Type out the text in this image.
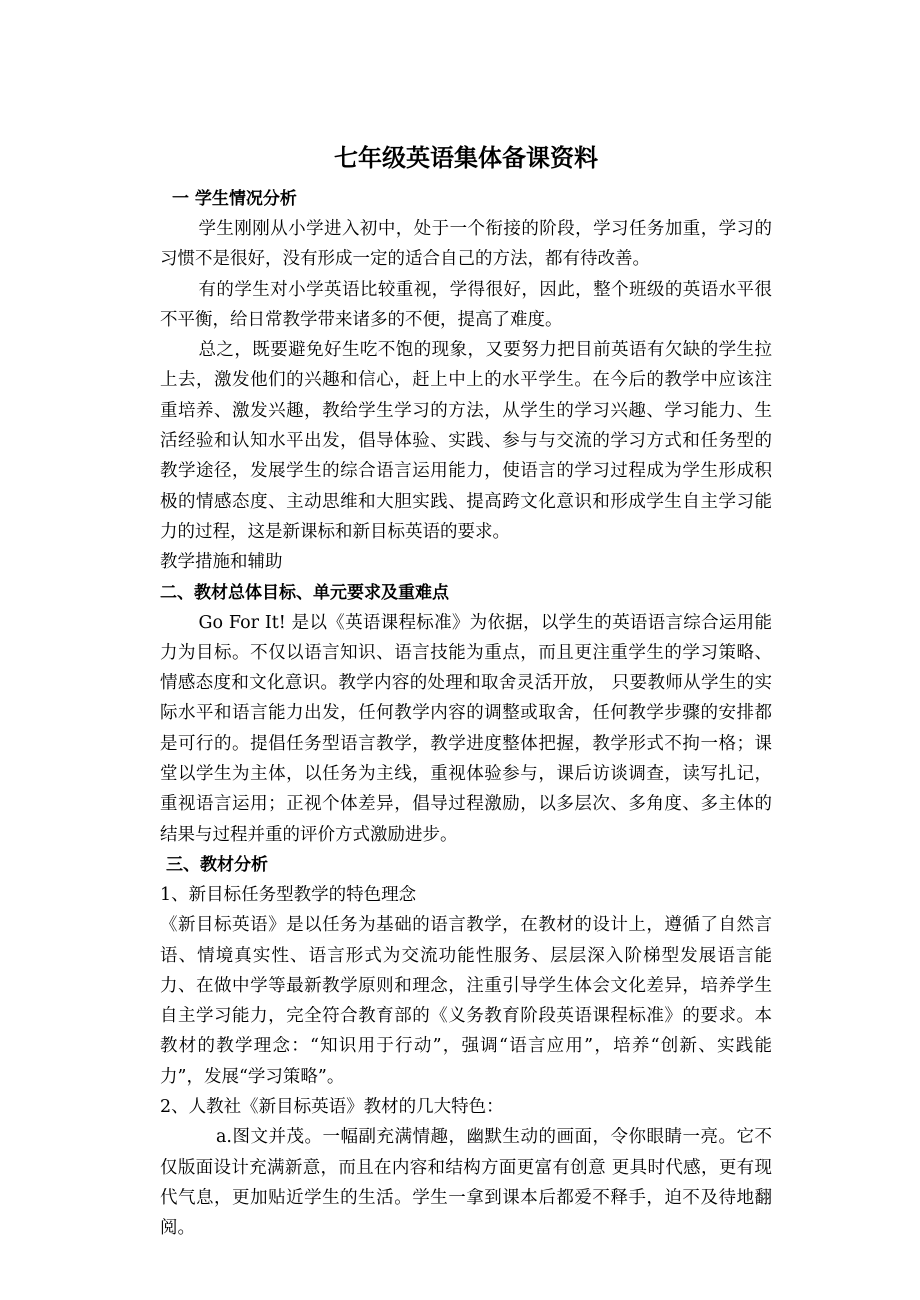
七年级英语集体备课资料
一 学生情况分析

学生刚刚从小学进入初中，处于一个衔接的阶段，学习任务加重，学习的习惯不是很好，没有形成一定的适合自己的方法，都有待改善。

有的学生对小学英语比较重视，学得很好，因此，整个班级的英语水平很不平衡，给日常教学带来诸多的不便，提高了难度。

总之，既要避免好生吃不饱的现象，又要努力把目前英语有欠缺的学生拉上去，激发他们的兴趣和信心，赶上中上的水平学生。在今后的教学中应该注重培养、激发兴趣，教给学生学习的方法，从学生的学习兴趣、学习能力、生活经验和认知水平出发，倡导体验、实践、参与与交流的学习方式和任务型的教学途径，发展学生的综合语言运用能力，使语言的学习过程成为学生形成积极的情感态度、主动思维和大胆实践、提高跨文化意识和形成学生自主学习能力的过程，这是新课标和新目标英语的要求。

教学措施和辅助

二、教材总体目标、单元要求及重难点

Go For It! 是以《英语课程标准》为依据，以学生的英语语言综合运用能力为目标。不仅以语言知识、语言技能为重点，而且更注重学生的学习策略、情感态度和文化意识。教学内容的处理和取舍灵活开放， 只要教师从学生的实际水平和语言能力出发，任何教学内容的调整或取舍，任何教学步骤的安排都是可行的。提倡任务型语言教学，教学进度整体把握，教学形式不拘一格；课堂以学生为主体，以任务为主线，重视体验参与，课后访谈调查，读写扎记，重视语言运用；正视个体差异，倡导过程激励，以多层次、多角度、多主体的结果与过程并重的评价方式激励进步。

三、教材分析

1、新目标任务型教学的特色理念

《新目标英语》是以任务为基础的语言教学，在教材的设计上，遵循了自然言语、情境真实性、语言形式为交流功能性服务、层层深入阶梯型发展语言能力、在做中学等最新教学原则和理念，注重引导学生体会文化差异，培养学生自主学习能力，完全符合教育部的《义务教育阶段英语课程标准》的要求。本教材的教学理念：“知识用于行动”，强调“语言应用”，培养“创新、实践能力”，发展“学习策略”。

2、人教社《新目标英语》教材的几大特色：

a.图文并茂。一幅副充满情趣，幽默生动的画面，令你眼睛一亮。它不仅版面设计充满新意，而且在内容和结构方面更富有创意 更具时代感，更有现代气息，更加贴近学生的生活。学生一拿到课本后都爱不释手，迫不及待地翻阅。
